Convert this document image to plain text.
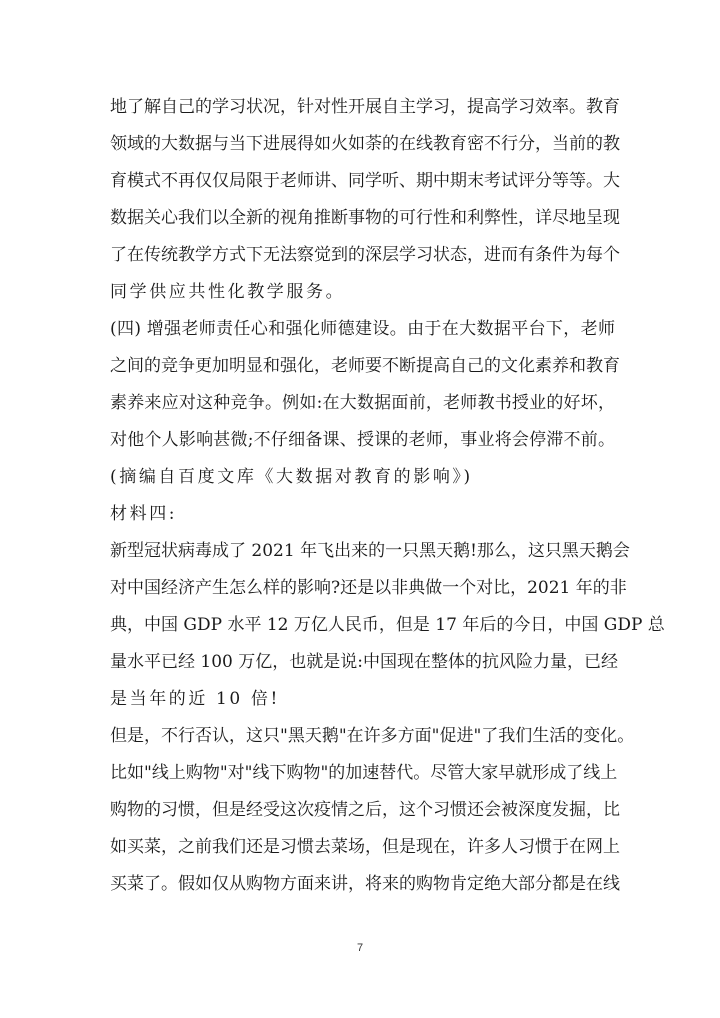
地了解自己的学习状况，针对性开展自主学习，提高学习效率。教育
领域的大数据与当下进展得如火如荼的在线教育密不行分，当前的教
育模式不再仅仅局限于老师讲、同学听、期中期末考试评分等等。大
数据关心我们以全新的视角推断事物的可行性和利弊性，详尽地呈现
了在传统教学方式下无法察觉到的深层学习状态，进而有条件为每个
同学供应共性化教学服务。
(四) 增强老师责任心和强化师德建设。由于在大数据平台下，老师
之间的竞争更加明显和强化，老师要不断提高自己的文化素养和教育
素养来应对这种竞争。例如:在大数据面前，老师教书授业的好坏，
对他个人影响甚微;不仔细备课、授课的老师，事业将会停滞不前。
(摘编自百度文库《大数据对教育的影响》)
材料四:
新型冠状病毒成了 2021 年飞出来的一只黑天鹅!那么，这只黑天鹅会
对中国经济产生怎么样的影响?还是以非典做一个对比，2021 年的非
典，中国 GDP 水平 12 万亿人民币，但是 17 年后的今日，中国 GDP 总
量水平已经 100 万亿，也就是说:中国现在整体的抗风险力量，已经
是当年的近 10 倍!
但是，不行否认，这只"黑天鹅"在许多方面"促进"了我们生活的变化。
比如"线上购物"对"线下购物"的加速替代。尽管大家早就形成了线上
购物的习惯，但是经受这次疫情之后，这个习惯还会被深度发掘，比
如买菜，之前我们还是习惯去菜场，但是现在，许多人习惯于在网上
买菜了。假如仅从购物方面来讲，将来的购物肯定绝大部分都是在线
7
